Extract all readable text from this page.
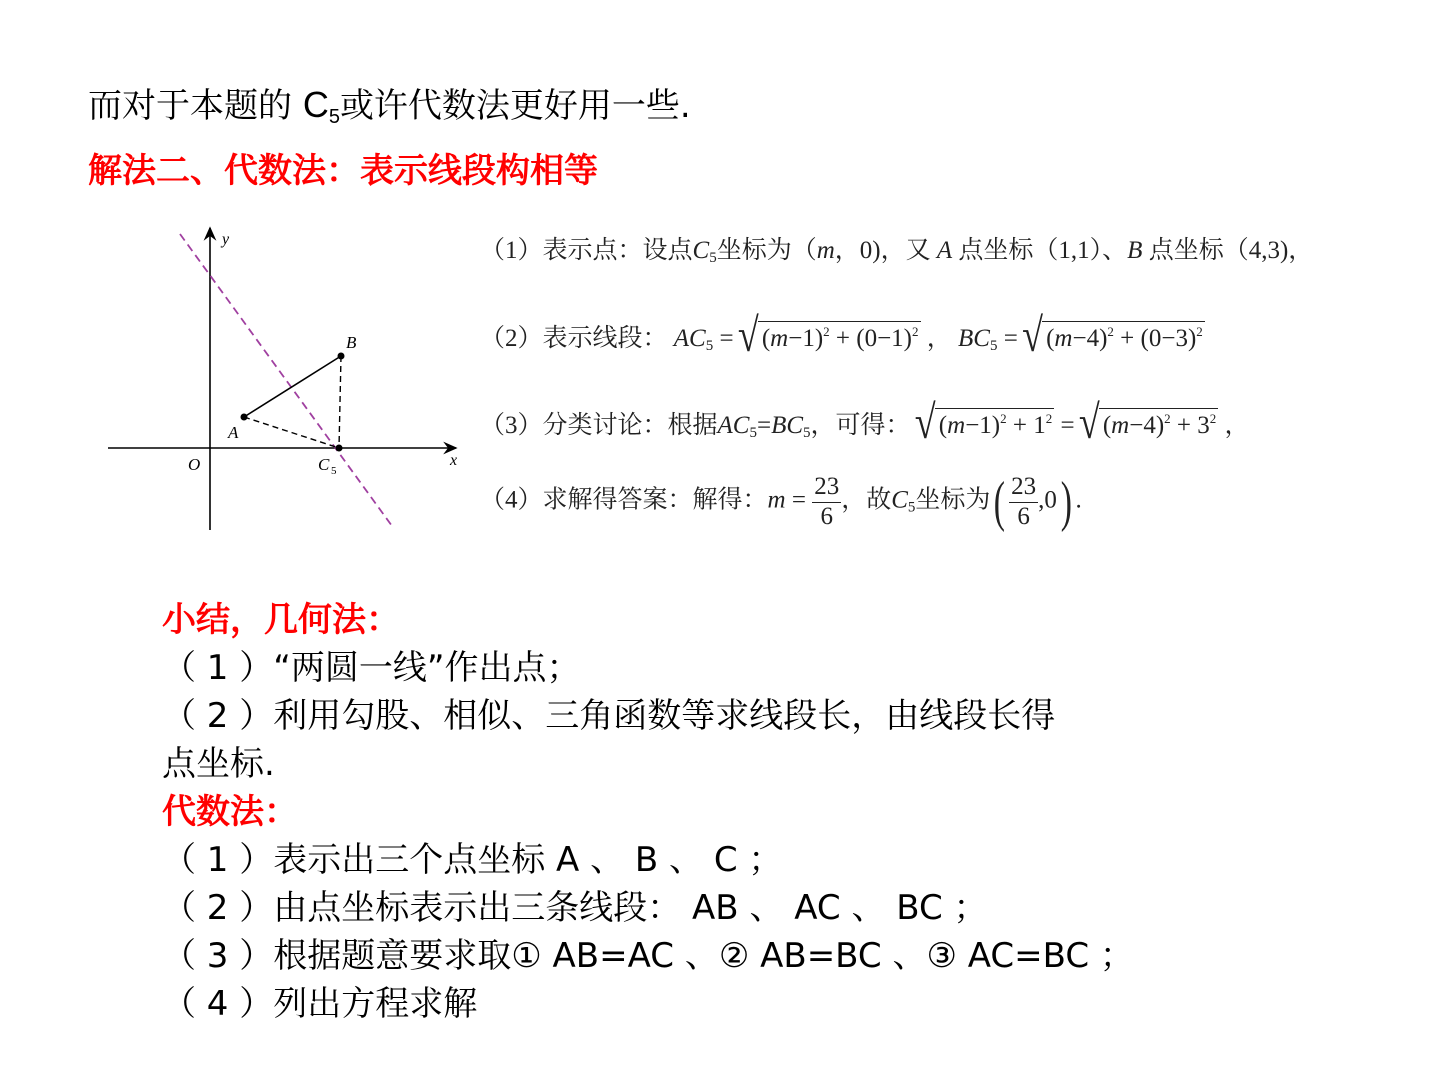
而对于本题的 $C_5$或许代数法更好用一些.
解法二、代数法：表示线段构相等
y
x
O
A
B
C 5
（1）表示点：设点$C_5$坐标为（m，0)，又 A 点坐标（1,1）、B 点坐标（4,3)，
（2）表示线段： $AC_5$ = √ $(m-1)^2 + (0-1)^2$ ， $BC_5$ = √ $(m-4)^2 + (0-3)^2$
（3）分类讨论：根据$AC_5=BC_5$，可得： √ $(m-1)^2 + 1^2$ = √ $(m-4)^2 + 3^2$ ，
（4）求解得答案：解得：$m = \frac{23}{6}$ ，故$C_5$坐标为( $\frac{23}{6} ,0$) .
小结，几何法：
（ 1 ）“两圆一线”作出点；
（ 2 ）利用勾股、相似、三角函数等求线段长，由线段长得
点坐标.
代数法：
（ 1 ）表示出三个点坐标 A 、 B 、 C ；
（ 2 ）由点坐标表示出三条线段： AB 、 AC 、 BC ；
（ 3 ）根据题意要求取① AB=AC 、② AB=BC 、③ AC=BC ；
（ 4 ）列出方程求解
